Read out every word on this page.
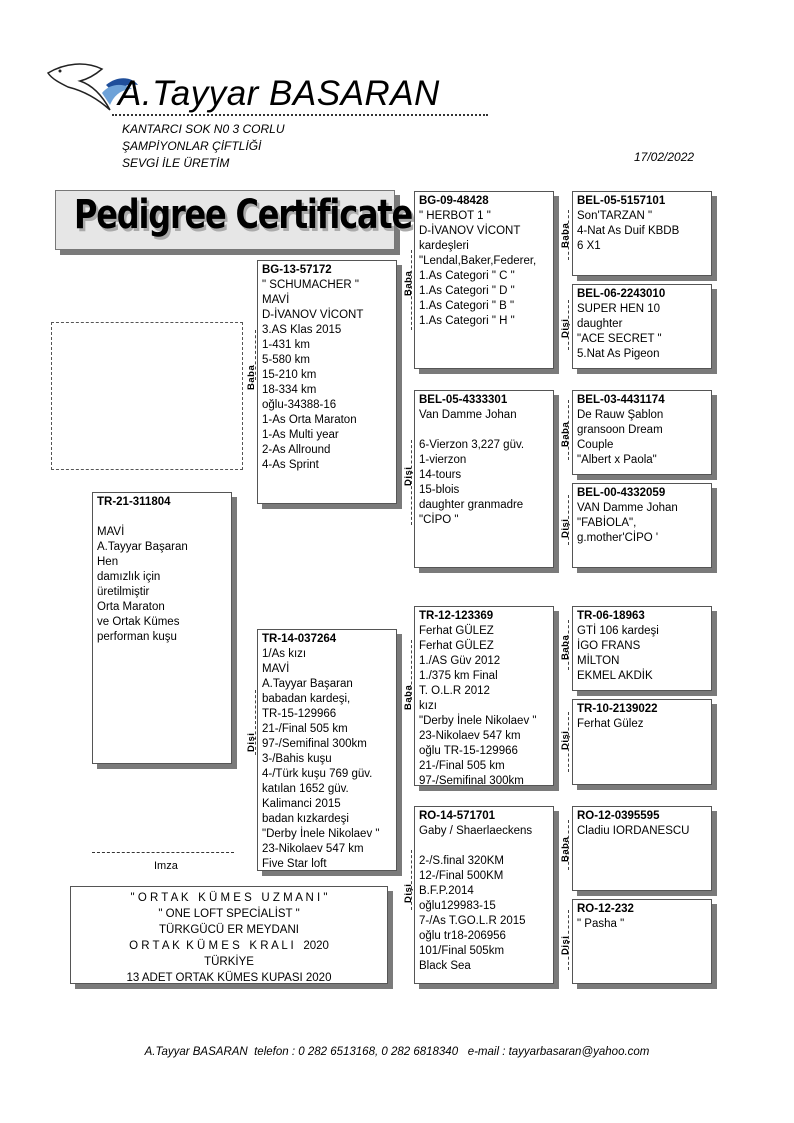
A.Tayyar BASARAN
KANTARCI SOK N0 3 CORLU
ŞAMPİYONLAR ÇİFTLİĞİ
SEVGİ İLE ÜRETİM	17/02/2022
Pedigree Certificate
TR-21-311804

MAVİ
A.Tayyar Başaran
Hen
damızlık için
üretilmiştir
Orta Maraton
ve Ortak Kümes
performan kuşu
BG-13-57172
" SCHUMACHER "
MAVİ
D-İVANOV VİCONT
3.AS Klas 2015
1-431 km
5-580 km
15-210 km
18-334 km
oğlu-34388-16
1-As Orta Maraton
1-As Multi year
2-As Allround
4-As Sprint
TR-14-037264
1/As kızı
MAVİ
A.Tayyar Başaran
babadan kardeşi,
TR-15-129966
21-/Final 505 km
97-/Semifinal 300km
3-/Bahis kuşu
4-/Türk kuşu 769 güv.
katılan 1652 güv.
Kalimanci 2015
badan kızkardeşi
"Derby İnele Nikolaev "
23-Nikolaev 547 km
Five Star loft
BG-09-48428
" HERBOT 1 "
D-İVANOV VİCONT
kardeşleri
"Lendal,Baker,Federer,
1.As Categori " C "
1.As Categori " D "
1.As Categori " B "
1.As Categori " H "
BEL-05-4333301
Van Damme Johan

6-Vierzon 3,227 güv.
1-vierzon
14-tours
15-blois
daughter granmadre
"CİPO "
TR-12-123369
Ferhat GÜLEZ
Ferhat GÜLEZ
1./AS Güv 2012
1./375 km Final
T. O.L.R 2012
kızı
"Derby İnele Nikolaev "
23-Nikolaev 547 km
oğlu TR-15-129966
21-/Final 505 km
97-/Semifinal 300km
RO-14-571701
Gaby / Shaerlaeckens

2-/S.final 320KM
12-/Final 500KM
B.F.P.2014
oğlu129983-15
7-/As T.GO.L.R 2015
oğlu tr18-206956
101/Final 505km
Black Sea
BEL-05-5157101
Son'TARZAN "
4-Nat As Duif KBDB
6 X1
BEL-06-2243010
SUPER HEN 10
daughter
"ACE SECRET "
5.Nat As Pigeon
BEL-03-4431174
De Rauw Şablon
gransoon Dream
Couple
"Albert x Paola"
BEL-00-4332059
VAN Damme Johan
"FABİOLA",
g.mother'CİPO '
TR-06-18963
GTİ 106 kardeşi
İGO FRANS
MİLTON
EKMEL AKDİK
TR-10-2139022
Ferhat Gülez
RO-12-0395595
Cladiu IORDANESCU
RO-12-232
" Pasha "
Baba
Dişi
Baba
Dişi
Baba
Dişi
Baba
Dişi
Baba
Dişi
Baba
Dişi
Baba
Dişi
Imza
" O R T A K   K Ü M E S   U Z M A N I "
" ONE LOFT SPECİALİST "
TÜRKGÜCÜ ER MEYDANI
O R T A K  K Ü M E S   K R A L I   2020
TÜRKİYE
13 ADET ORTAK KÜMES KUPASI 2020
A.Tayyar BASARAN  telefon : 0 282 6513168, 0 282 6818340   e-mail : tayyarbasaran@yahoo.com
